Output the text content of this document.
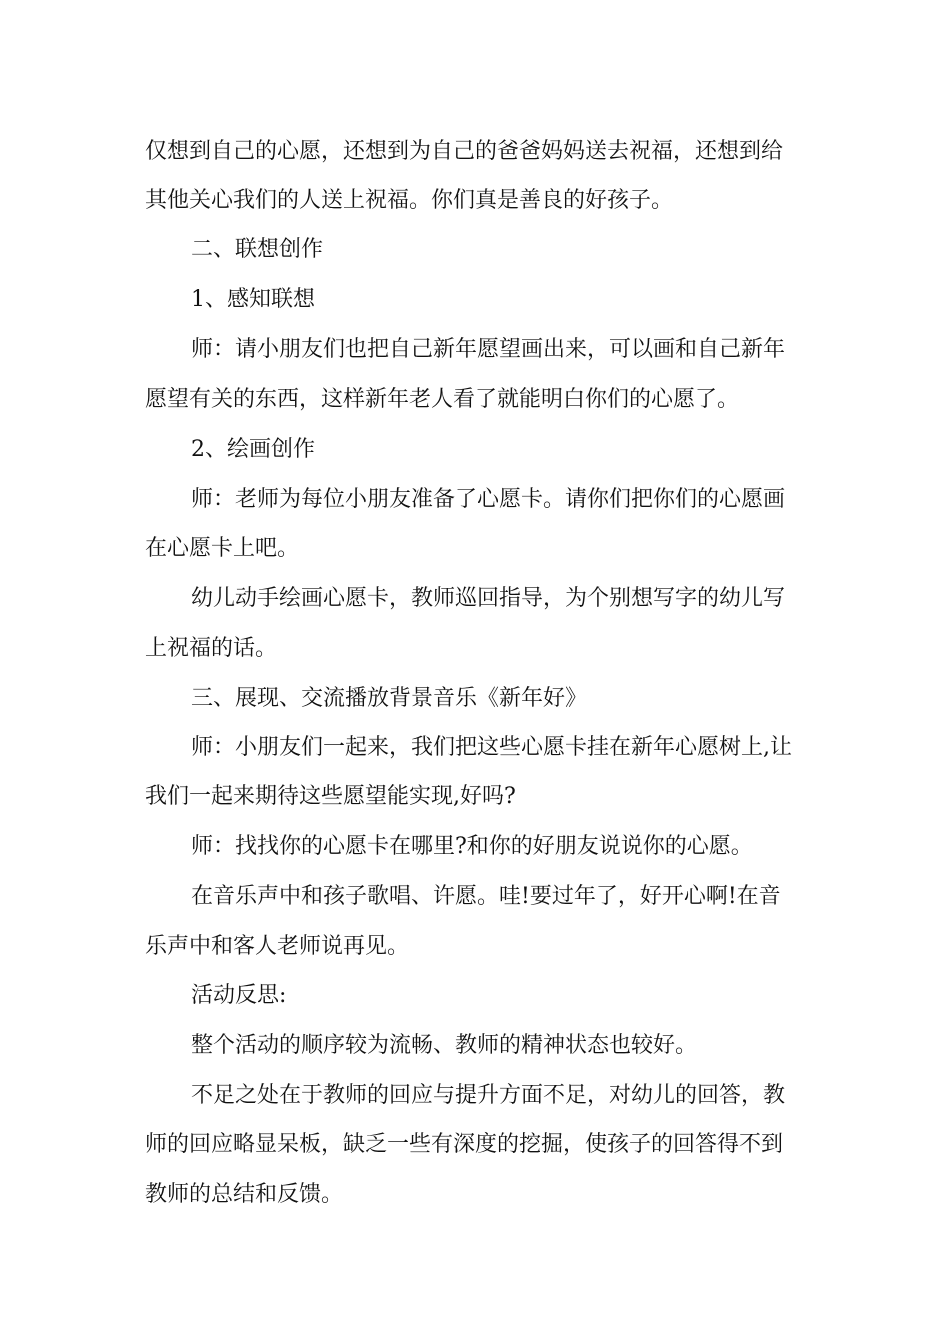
仅想到自己的心愿，还想到为自己的爸爸妈妈送去祝福，还想到给
其他关心我们的人送上祝福。你们真是善良的好孩子。
二、联想创作
1、感知联想
师：请小朋友们也把自己新年愿望画出来，可以画和自己新年
愿望有关的东西，这样新年老人看了就能明白你们的心愿了。
2、绘画创作
师：老师为每位小朋友准备了心愿卡。请你们把你们的心愿画
在心愿卡上吧。
幼儿动手绘画心愿卡，教师巡回指导，为个别想写字的幼儿写
上祝福的话。
三、展现、交流播放背景音乐《新年好》
师：小朋友们一起来，我们把这些心愿卡挂在新年心愿树上,让
我们一起来期待这些愿望能实现,好吗?
师：找找你的心愿卡在哪里?和你的好朋友说说你的心愿。
在音乐声中和孩子歌唱、许愿。哇!要过年了，好开心啊!在音
乐声中和客人老师说再见。
活动反思:
整个活动的顺序较为流畅、教师的精神状态也较好。
不足之处在于教师的回应与提升方面不足，对幼儿的回答，教
师的回应略显呆板，缺乏一些有深度的挖掘，使孩子的回答得不到
教师的总结和反馈。
